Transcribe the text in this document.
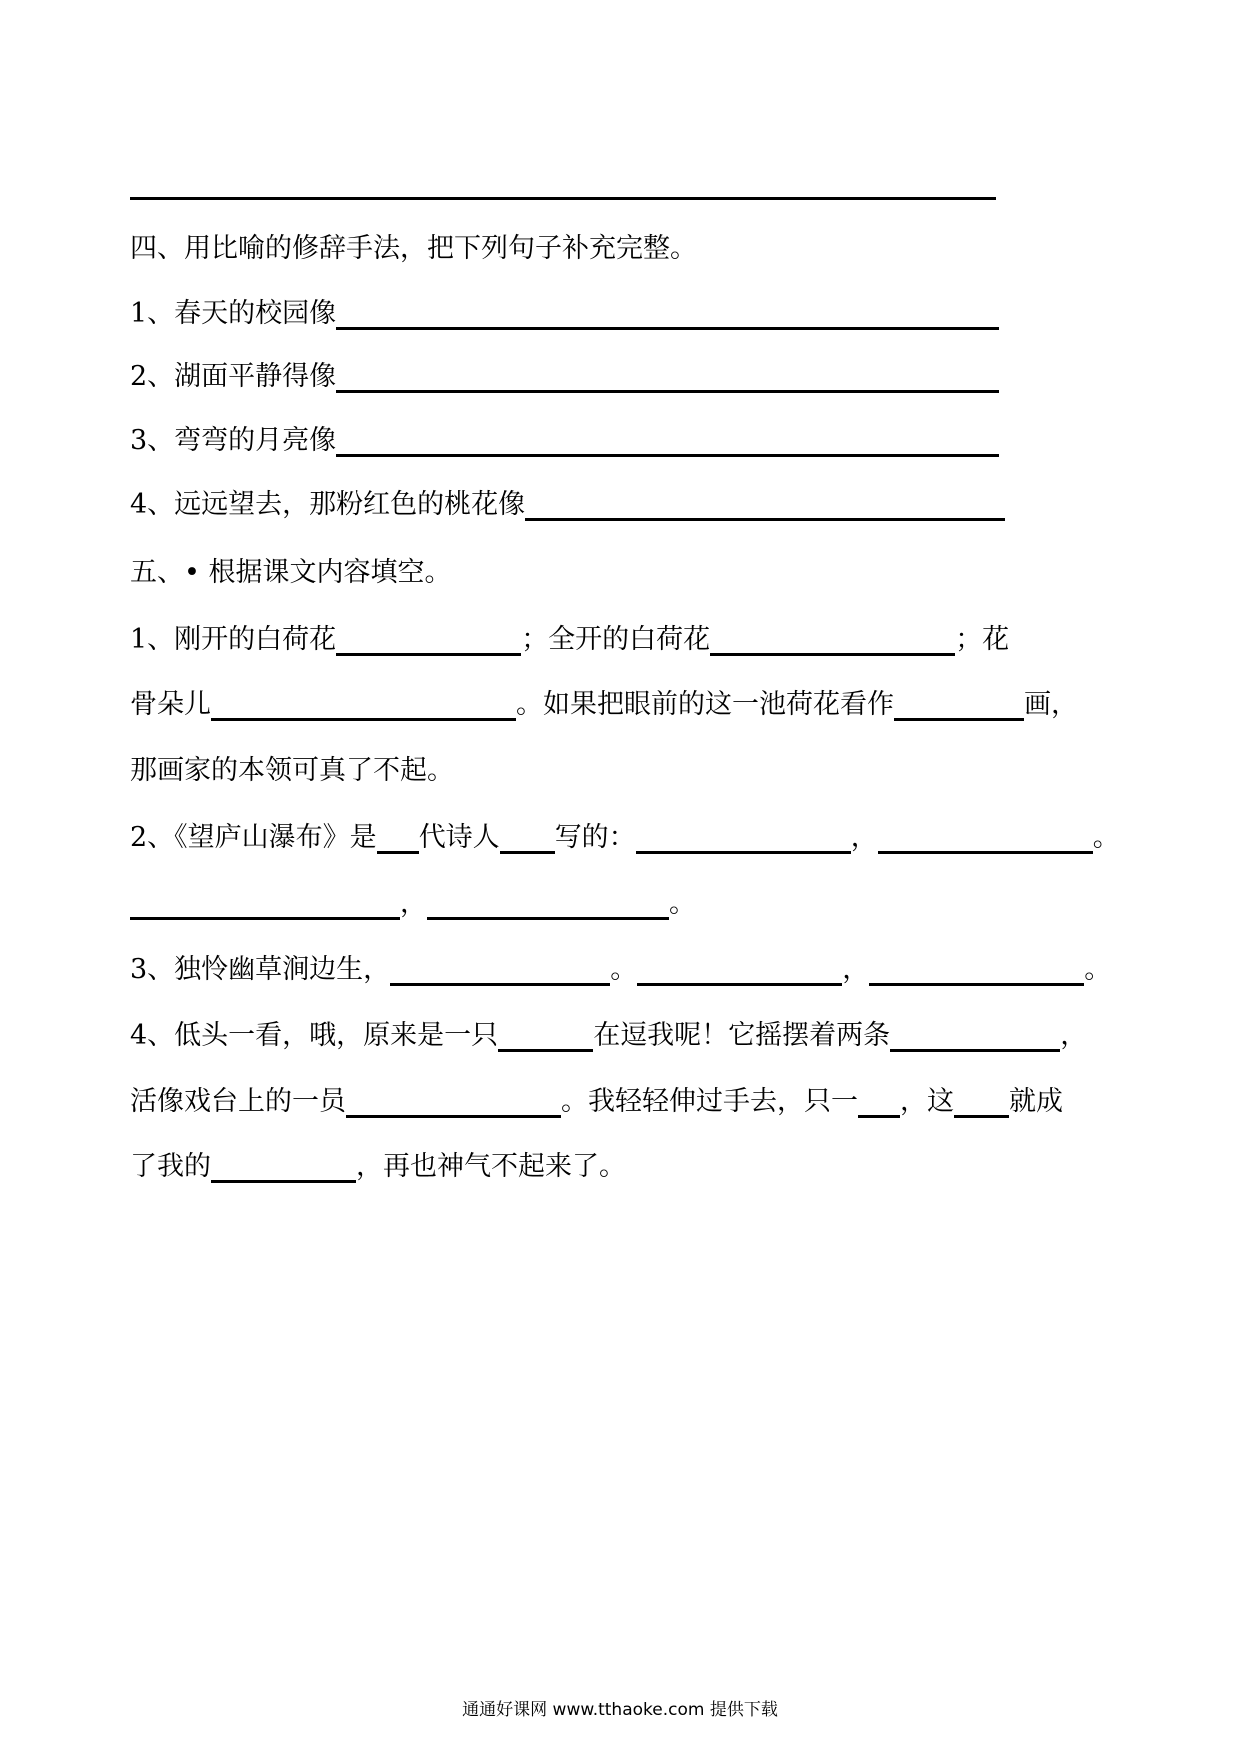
四、用比喻的修辞手法，把下列句子补充完整。
1、春天的校园像
2、湖面平静得像
3、弯弯的月亮像
4、远远望去，那粉红色的桃花像
五、• 根据课文内容填空。
1、刚开的白荷花	；全开的白荷花	；花
骨朵儿	。如果把眼前的这一池荷花看作	画，
那画家的本领可真了不起。
2、《望庐山瀑布》是 代诗人 写的：	，	。
，	。
3、独怜幽草涧边生，	。	，	。
4、低头一看，哦，原来是一只	在逗我呢！它摇摆着两条	，
活像戏台上的一员	。我轻轻伸过手去，只一 ，这 就成
了我的	，再也神气不起来了。
通通好课网 www.tthaoke.com 提供下载
